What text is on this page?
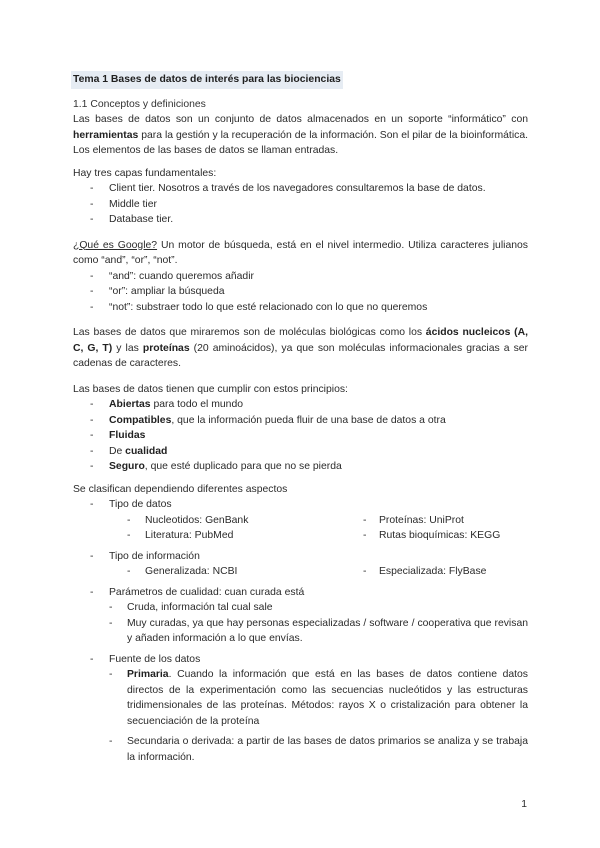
Tema 1 Bases de datos de interés para las biociencias
1.1 Conceptos y definiciones

Las bases de datos son un conjunto de datos almacenados en un soporte “informático” con herramientas para la gestión y la recuperación de la información. Son el pilar de la bioinformática. Los elementos de las bases de datos se llaman entradas.

Hay tres capas fundamentales:

- Client tier. Nosotros a través de los navegadores consultaremos la base de datos.
- Middle tier
- Database tier.

¿Qué es Google? Un motor de búsqueda, está en el nivel intermedio. Utiliza caracteres julianos como “and”, “or”, “not”.

- “and”: cuando queremos añadir
- “or”: ampliar la búsqueda
- “not”: substraer todo lo que esté relacionado con lo que no queremos

Las bases de datos que miraremos son de moléculas biológicas como los ácidos nucleicos (A, C, G, T) y las proteínas (20 aminoácidos), ya que son moléculas informacionales gracias a ser cadenas de caracteres.

Las bases de datos tienen que cumplir con estos principios:

- Abiertas para todo el mundo
- Compatibles, que la información pueda fluir de una base de datos a otra
- Fluidas
- De cualidad
- Seguro, que esté duplicado para que no se pierda

Se clasifican dependiendo diferentes aspectos

- Tipo de datos
- Nucleotidos: GenBank	- Proteínas: UniProt
- Literatura: PubMed	- Rutas bioquímicas: KEGG
- Tipo de información
- Generalizada: NCBI	- Especializada: FlyBase
- Parámetros de cualidad: cuan curada está
- Cruda, información tal cual sale
- Muy curadas, ya que hay personas especializadas / software / cooperativa que revisan y añaden información a lo que envías.
- Fuente de los datos
- Primaria. Cuando la información que está en las bases de datos contiene datos directos de la experimentación como las secuencias nucleótidos y las estructuras tridimensionales de las proteínas. Métodos: rayos X o cristalización para obtener la secuenciación de la proteína
- Secundaria o derivada: a partir de las bases de datos primarios se analiza y se trabaja la información.
1
